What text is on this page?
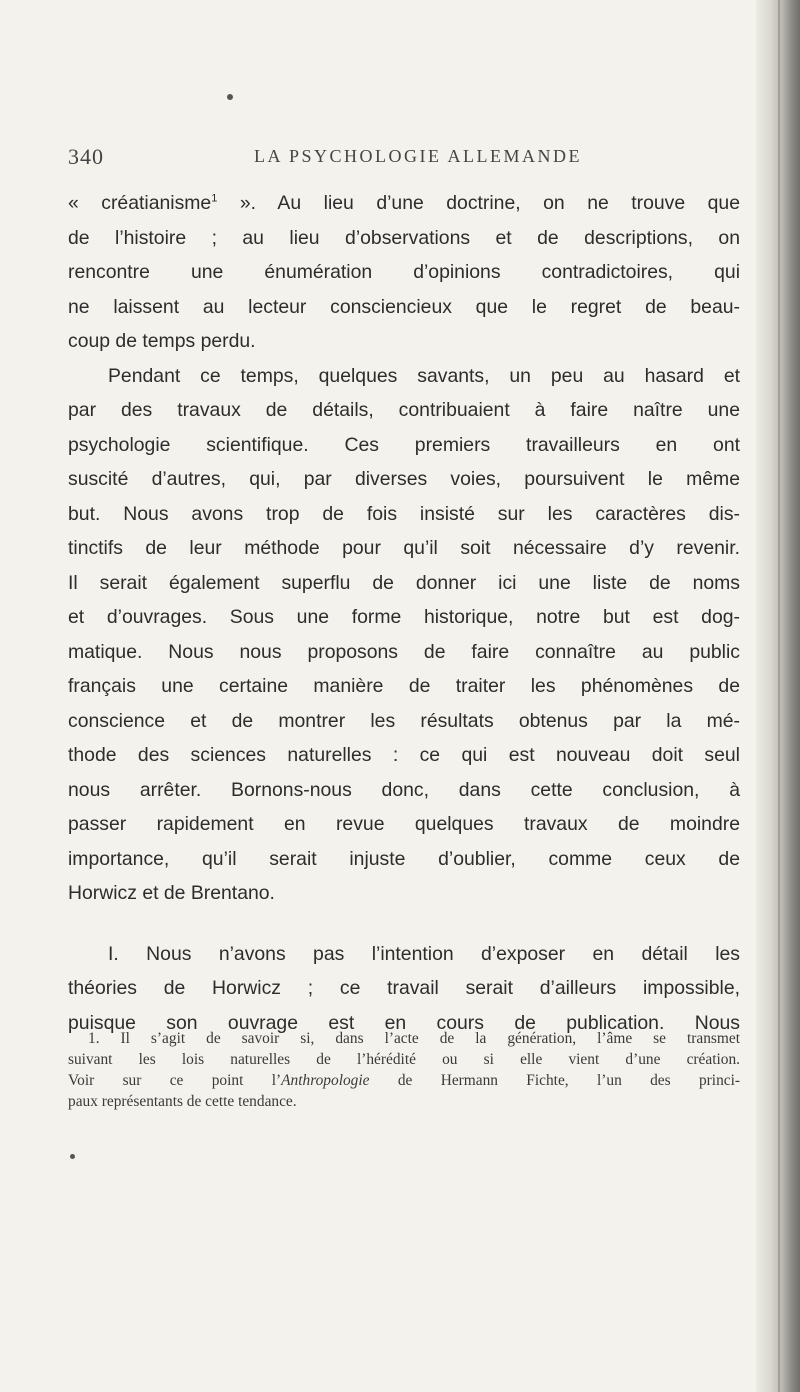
340	LA PSYCHOLOGIE ALLEMANDE
« créatianisme$^1$ ». Au lieu d’une doctrine, on ne trouve que
de l’histoire ; au lieu d’observations et de descriptions, on
rencontre une énumération d’opinions contradictoires, qui
ne laissent au lecteur consciencieux que le regret de beau-
coup de temps perdu.
Pendant ce temps, quelques savants, un peu au hasard et
par des travaux de détails, contribuaient à faire naître une
psychologie scientifique. Ces premiers travailleurs en ont
suscité d’autres, qui, par diverses voies, poursuivent le même
but. Nous avons trop de fois insisté sur les caractères dis-
tinctifs de leur méthode pour qu’il soit nécessaire d’y revenir.
Il serait également superflu de donner ici une liste de noms
et d’ouvrages. Sous une forme historique, notre but est dog-
matique. Nous nous proposons de faire connaître au public
français une certaine manière de traiter les phénomènes de
conscience et de montrer les résultats obtenus par la mé-
thode des sciences naturelles : ce qui est nouveau doit seul
nous arrêter. Bornons-nous donc, dans cette conclusion, à
passer rapidement en revue quelques travaux de moindre
importance, qu’il serait injuste d’oublier, comme ceux de
Horwicz et de Brentano.
I. Nous n’avons pas l’intention d’exposer en détail les
théories de Horwicz ; ce travail serait d’ailleurs impossible,
puisque son ouvrage est en cours de publication. Nous
1. Il s’agit de savoir si, dans l’acte de la génération, l’âme se transmet
suivant les lois naturelles de l’hérédité ou si elle vient d’une création.
Voir sur ce point l’Anthropologie de Hermann Fichte, l’un des princi-
paux représentants de cette tendance.
